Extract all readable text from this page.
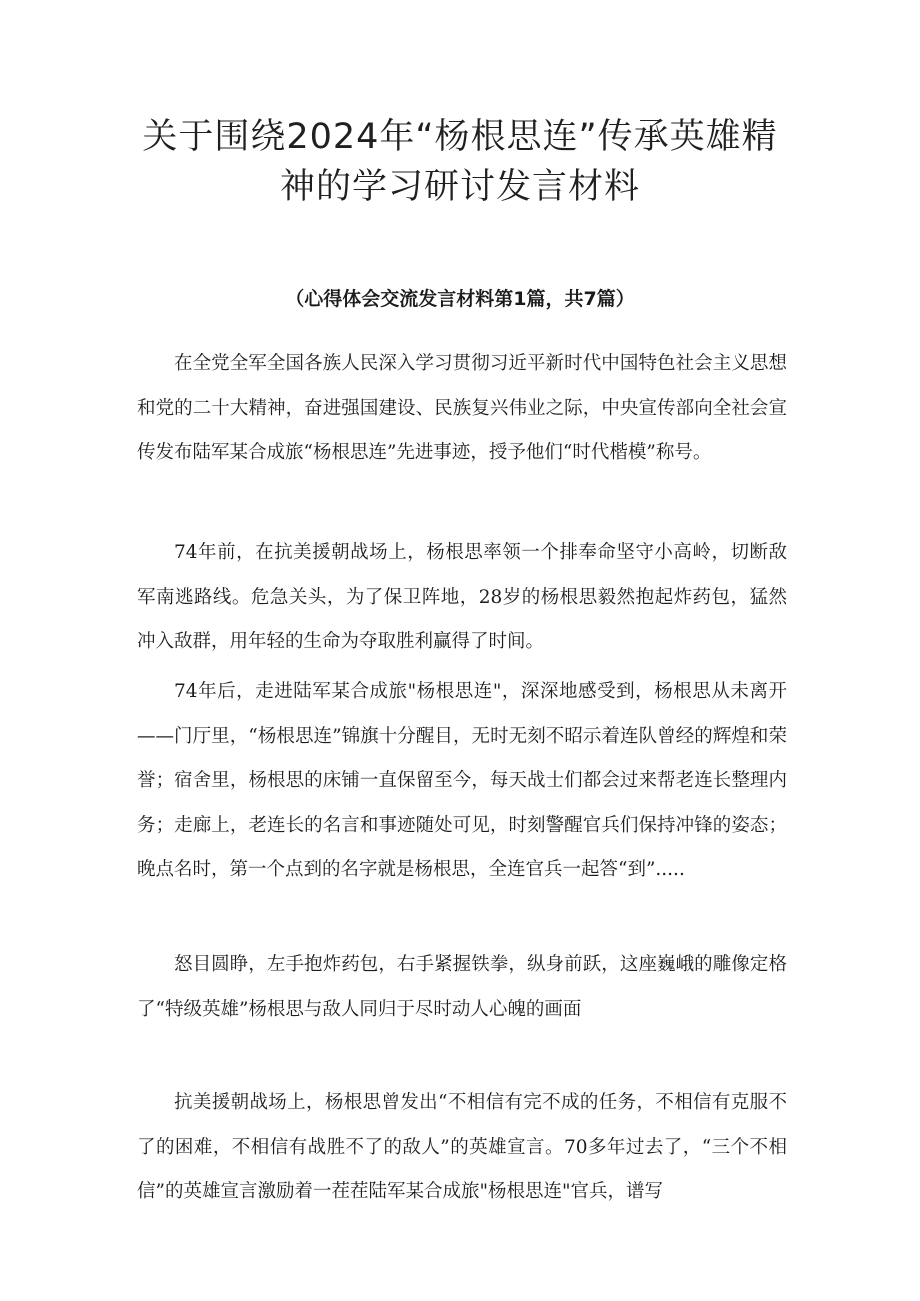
关于围绕2024年“杨根思连”传承英雄精
神的学习研讨发言材料
（心得体会交流发言材料第1篇，共7篇）

在全党全军全国各族人民深入学习贯彻习近平新时代中国特色社会主义思想和党的二十大精神，奋进强国建设、民族复兴伟业之际，中央宣传部向全社会宣传发布陆军某合成旅“杨根思连”先进事迹，授予他们“时代楷模”称号。

74年前，在抗美援朝战场上，杨根思率领一个排奉命坚守小高岭，切断敌军南逃路线。危急关头，为了保卫阵地，28岁的杨根思毅然抱起炸药包，猛然冲入敌群，用年轻的生命为夺取胜利赢得了时间。

74年后，走进陆军某合成旅"杨根思连"，深深地感受到，杨根思从未离开——门厅里，“杨根思连”锦旗十分醒目，无时无刻不昭示着连队曾经的辉煌和荣誉；宿舍里，杨根思的床铺一直保留至今，每天战士们都会过来帮老连长整理内务；走廊上，老连长的名言和事迹随处可见，时刻警醒官兵们保持冲锋的姿态；晚点名时，第一个点到的名字就是杨根思，全连官兵一起答“到”.....

怒目圆睁，左手抱炸药包，右手紧握铁拳，纵身前跃，这座巍峨的雕像定格了“特级英雄”杨根思与敌人同归于尽时动人心魄的画面

抗美援朝战场上，杨根思曾发出“不相信有完不成的任务，不相信有克服不了的困难，不相信有战胜不了的敌人”的英雄宣言。70多年过去了，“三个不相信”的英雄宣言激励着一茬茬陆军某合成旅"杨根思连"官兵，谱写
